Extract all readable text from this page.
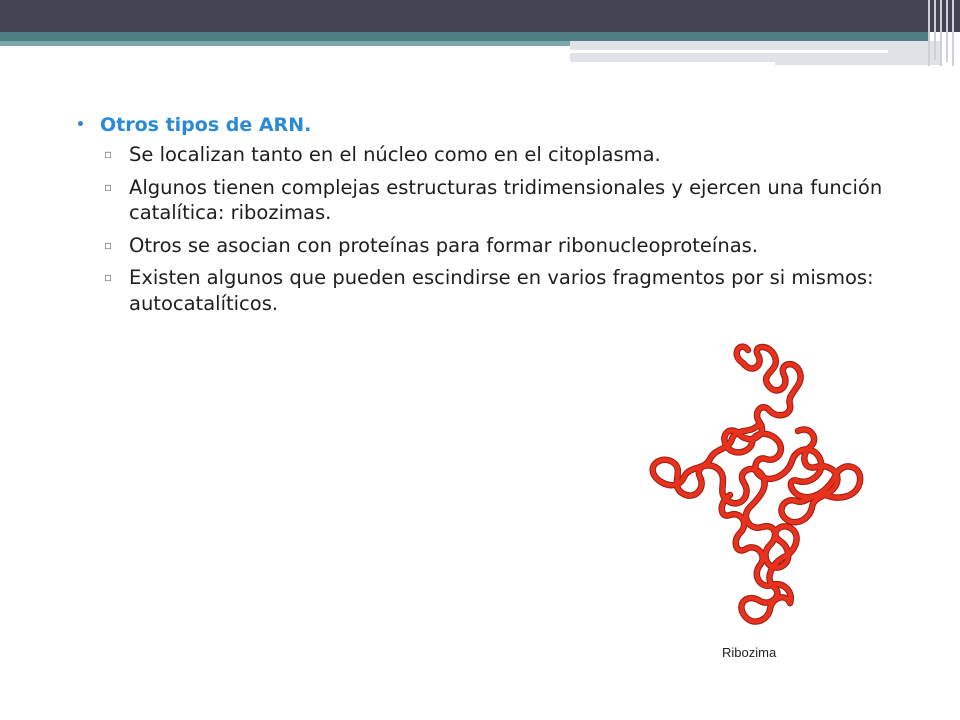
• Otros tipos de ARN.
▫ Se localizan tanto en el núcleo como en el citoplasma.
▫ Algunos tienen complejas estructuras tridimensionales y ejercen una función catalítica: ribozimas.
▫ Otros se asocian con proteínas para formar ribonucleoproteínas.
▫ Existen algunos que pueden escindirse en varios fragmentos por si mismos: autocatalíticos.
Ribozima
